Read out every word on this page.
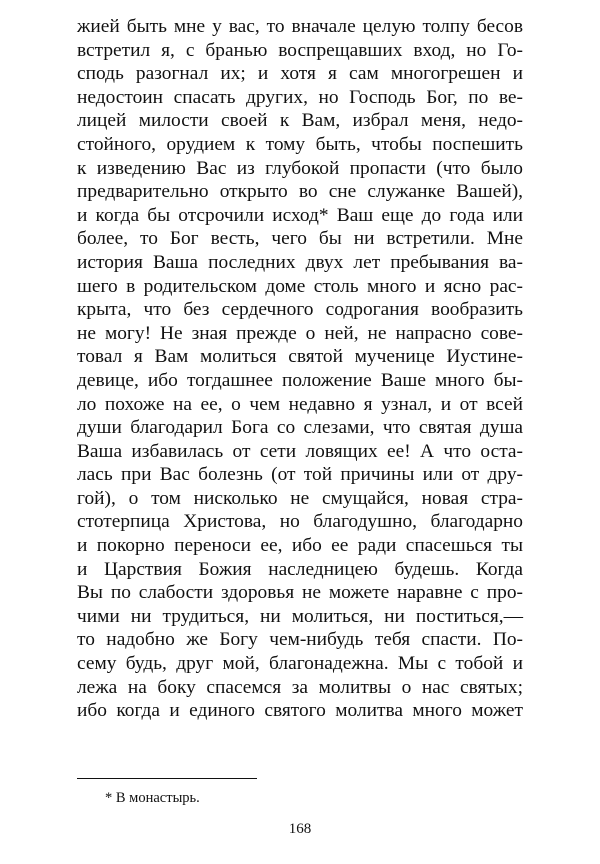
жией быть мне у вас, то вначале целую толпу бесов
встретил я, с бранью воспрещавших вход, но Го-
сподь разогнал их; и хотя я сам многогрешен и
недостоин спасать других, но Господь Бог, по ве-
лицей милости своей к Вам, избрал меня, недо-
стойного, орудием к тому быть, чтобы поспешить
к изведению Вас из глубокой пропасти (что было
предварительно открыто во сне служанке Вашей),
и когда бы отсрочили исход* Ваш еще до года или
более, то Бог весть, чего бы ни встретили. Мне
история Ваша последних двух лет пребывания ва-
шего в родительском доме столь много и ясно рас-
крыта, что без сердечного содрогания вообразить
не могу! Не зная прежде о ней, не напрасно сове-
товал я Вам молиться святой мученице Иустине-
девице, ибо тогдашнее положение Ваше много бы-
ло похоже на ее, о чем недавно я узнал, и от всей
души благодарил Бога со слезами, что святая душа
Ваша избавилась от сети ловящих ее! А что оста-
лась при Вас болезнь (от той причины или от дру-
гой), о том нисколько не смущайся, новая стра-
стотерпица Христова, но благодушно, благодарно
и покорно переноси ее, ибо ее ради спасешься ты
и Царствия Божия наследницею будешь. Когда
Вы по слабости здоровья не можете наравне с про-
чими ни трудиться, ни молиться, ни поститься,—
то надобно же Богу чем-нибудь тебя спасти. По-
сему будь, друг мой, благонадежна. Мы с тобой и
лежа на боку спасемся за молитвы о нас святых;
ибо когда и единого святого молитва много может
* В монастырь.
168
